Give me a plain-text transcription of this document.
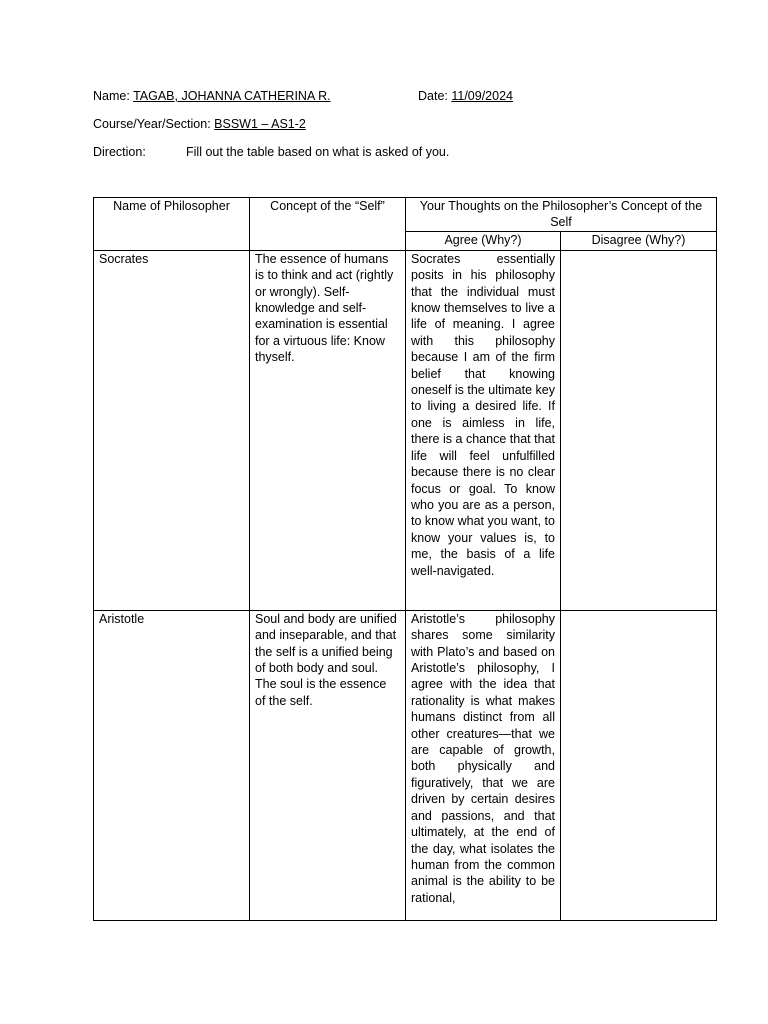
Name: TAGAB, JOHANNA CATHERINA R.	Date: 11/09/2024
Course/Year/Section: BSSW1 – AS1-2
Direction:	Fill out the table based on what is asked of you.
Name of Philosopher	Concept of the “Self”	Your Thoughts on the Philosopher’s Concept of the Self	
		Agree (Why?)	Disagree (Why?)
Socrates	The essence of humans is to think and act (rightly or wrongly). Self-knowledge and self-examination is essential for a virtuous life: Know thyself.	Socrates essentially posits in his philosophy that the individual must know themselves to live a life of meaning. I agree with this philosophy because I am of the firm belief that knowing oneself is the ultimate key to living a desired life. If one is aimless in life, there is a chance that that life will feel unfulfilled because there is no clear focus or goal. To know who you are as a person, to know what you want, to know your values is, to me, the basis of a life well-navigated.	
Aristotle	Soul and body are unified and inseparable, and that the self is a unified being of both body and soul. The soul is the essence of the self.	Aristotle’s philosophy shares some similarity with Plato’s and based on Aristotle’s philosophy, I agree with the idea that rationality is what makes humans distinct from all other creatures—that we are capable of growth, both physically and figuratively, that we are driven by certain desires and passions, and that ultimately, at the end of the day, what isolates the human from the common animal is the ability to be rational,	
